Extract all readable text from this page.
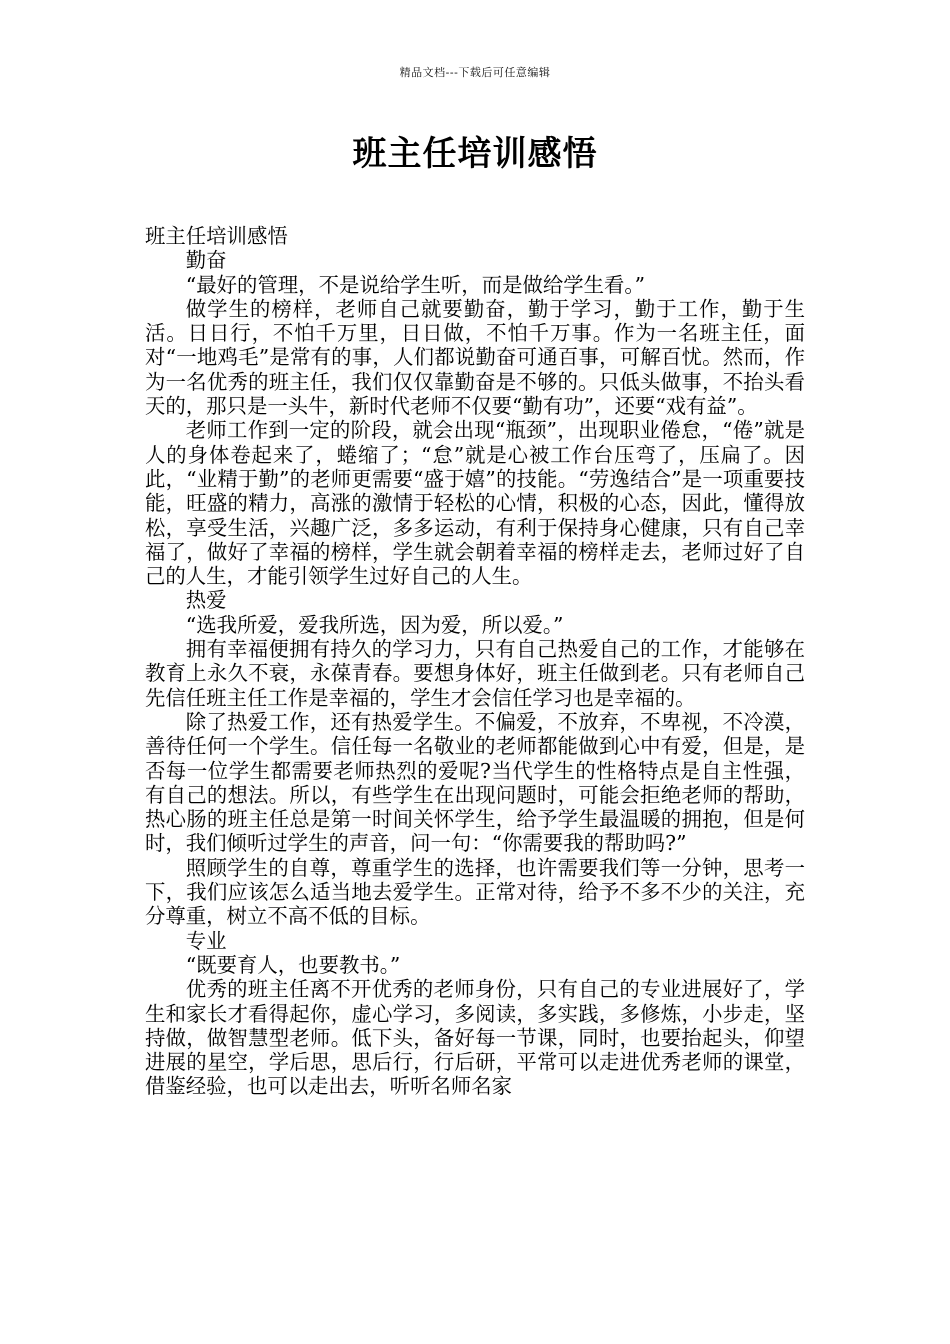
精品文档---下载后可任意编辑
班主任培训感悟

班主任培训感悟

勤奋

“最好的管理，不是说给学生听，而是做给学生看。”

做学生的榜样，老师自己就要勤奋，勤于学习，勤于工作，勤于生活。日日行，不怕千万里，日日做，不怕千万事。作为一名班主任，面对“一地鸡毛”是常有的事，人们都说勤奋可通百事，可解百忧。然而，作为一名优秀的班主任，我们仅仅靠勤奋是不够的。只低头做事，不抬头看天的，那只是一头牛，新时代老师不仅要“勤有功”，还要“戏有益”。

老师工作到一定的阶段，就会出现“瓶颈”，出现职业倦怠，“倦”就是人的身体卷起来了，蜷缩了；“怠”就是心被工作台压弯了，压扁了。因此，“业精于勤”的老师更需要“盛于嬉”的技能。“劳逸结合”是一项重要技能，旺盛的精力，高涨的激情于轻松的心情，积极的心态，因此，懂得放松，享受生活，兴趣广泛，多多运动，有利于保持身心健康，只有自己幸福了，做好了幸福的榜样，学生就会朝着幸福的榜样走去，老师过好了自己的人生，才能引领学生过好自己的人生。

热爱

“选我所爱，爱我所选，因为爱，所以爱。”

拥有幸福便拥有持久的学习力，只有自己热爱自己的工作，才能够在教育上永久不衰，永葆青春。要想身体好，班主任做到老。只有老师自己先信任班主任工作是幸福的，学生才会信任学习也是幸福的。

除了热爱工作，还有热爱学生。不偏爱，不放弃，不卑视，不冷漠，善待任何一个学生。信任每一名敬业的老师都能做到心中有爱，但是，是否每一位学生都需要老师热烈的爱呢?当代学生的性格特点是自主性强，有自己的想法。所以，有些学生在出现问题时，可能会拒绝老师的帮助，热心肠的班主任总是第一时间关怀学生，给予学生最温暖的拥抱，但是何时，我们倾听过学生的声音，问一句：“你需要我的帮助吗?”

照顾学生的自尊，尊重学生的选择，也许需要我们等一分钟，思考一下，我们应该怎么适当地去爱学生。正常对待，给予不多不少的关注，充分尊重，树立不高不低的目标。

专业

“既要育人，也要教书。”

优秀的班主任离不开优秀的老师身份，只有自己的专业进展好了，学生和家长才看得起你，虚心学习，多阅读，多实践，多修炼，小步走，坚持做，做智慧型老师。低下头，备好每一节课，同时，也要抬起头，仰望进展的星空，学后思，思后行，行后研，平常可以走进优秀老师的课堂，借鉴经验，也可以走出去，听听名师名家
